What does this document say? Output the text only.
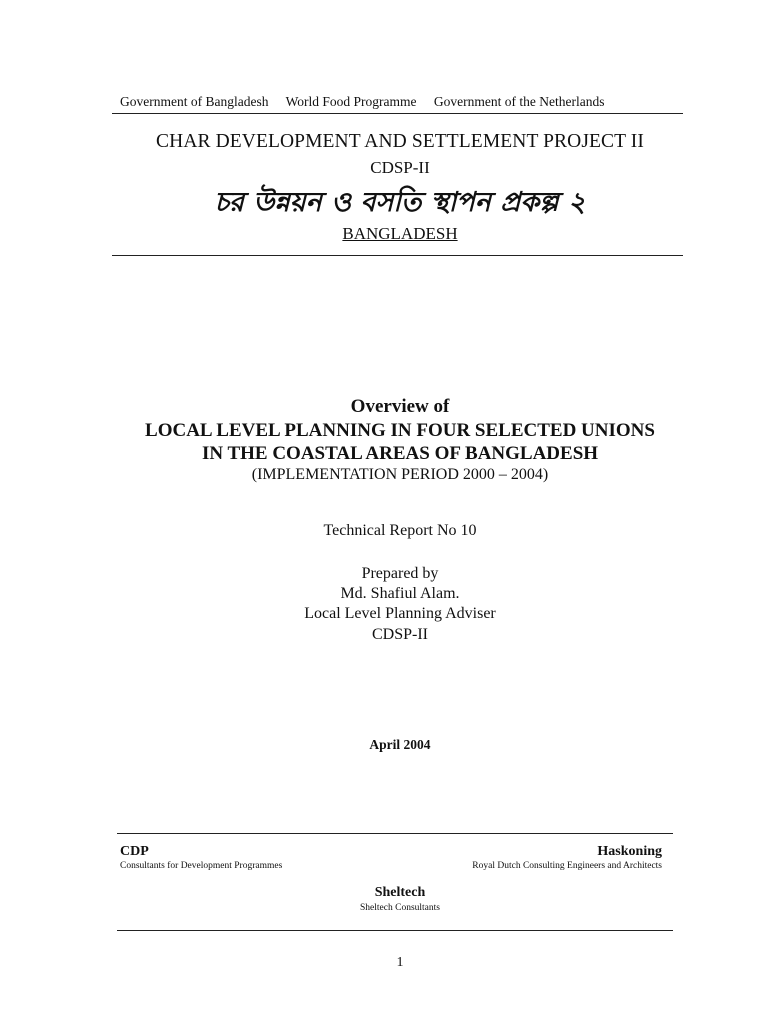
Government of Bangladesh World Food Programme Government of the Netherlands
CHAR DEVELOPMENT AND SETTLEMENT PROJECT II
CDSP-II
চর উন্নয়ন ও বসতি স্থাপন প্রকল্প ২
BANGLADESH
Overview of
LOCAL LEVEL PLANNING IN FOUR SELECTED UNIONS
IN THE COASTAL AREAS OF BANGLADESH
(IMPLEMENTATION PERIOD 2000 – 2004)
Technical Report No 10
Prepared by
Md. Shafiul Alam.
Local Level Planning Adviser
CDSP-II
April 2004
CDP
Consultants for Development Programmes
Haskoning
Royal Dutch Consulting Engineers and Architects
Sheltech
Sheltech Consultants
1
